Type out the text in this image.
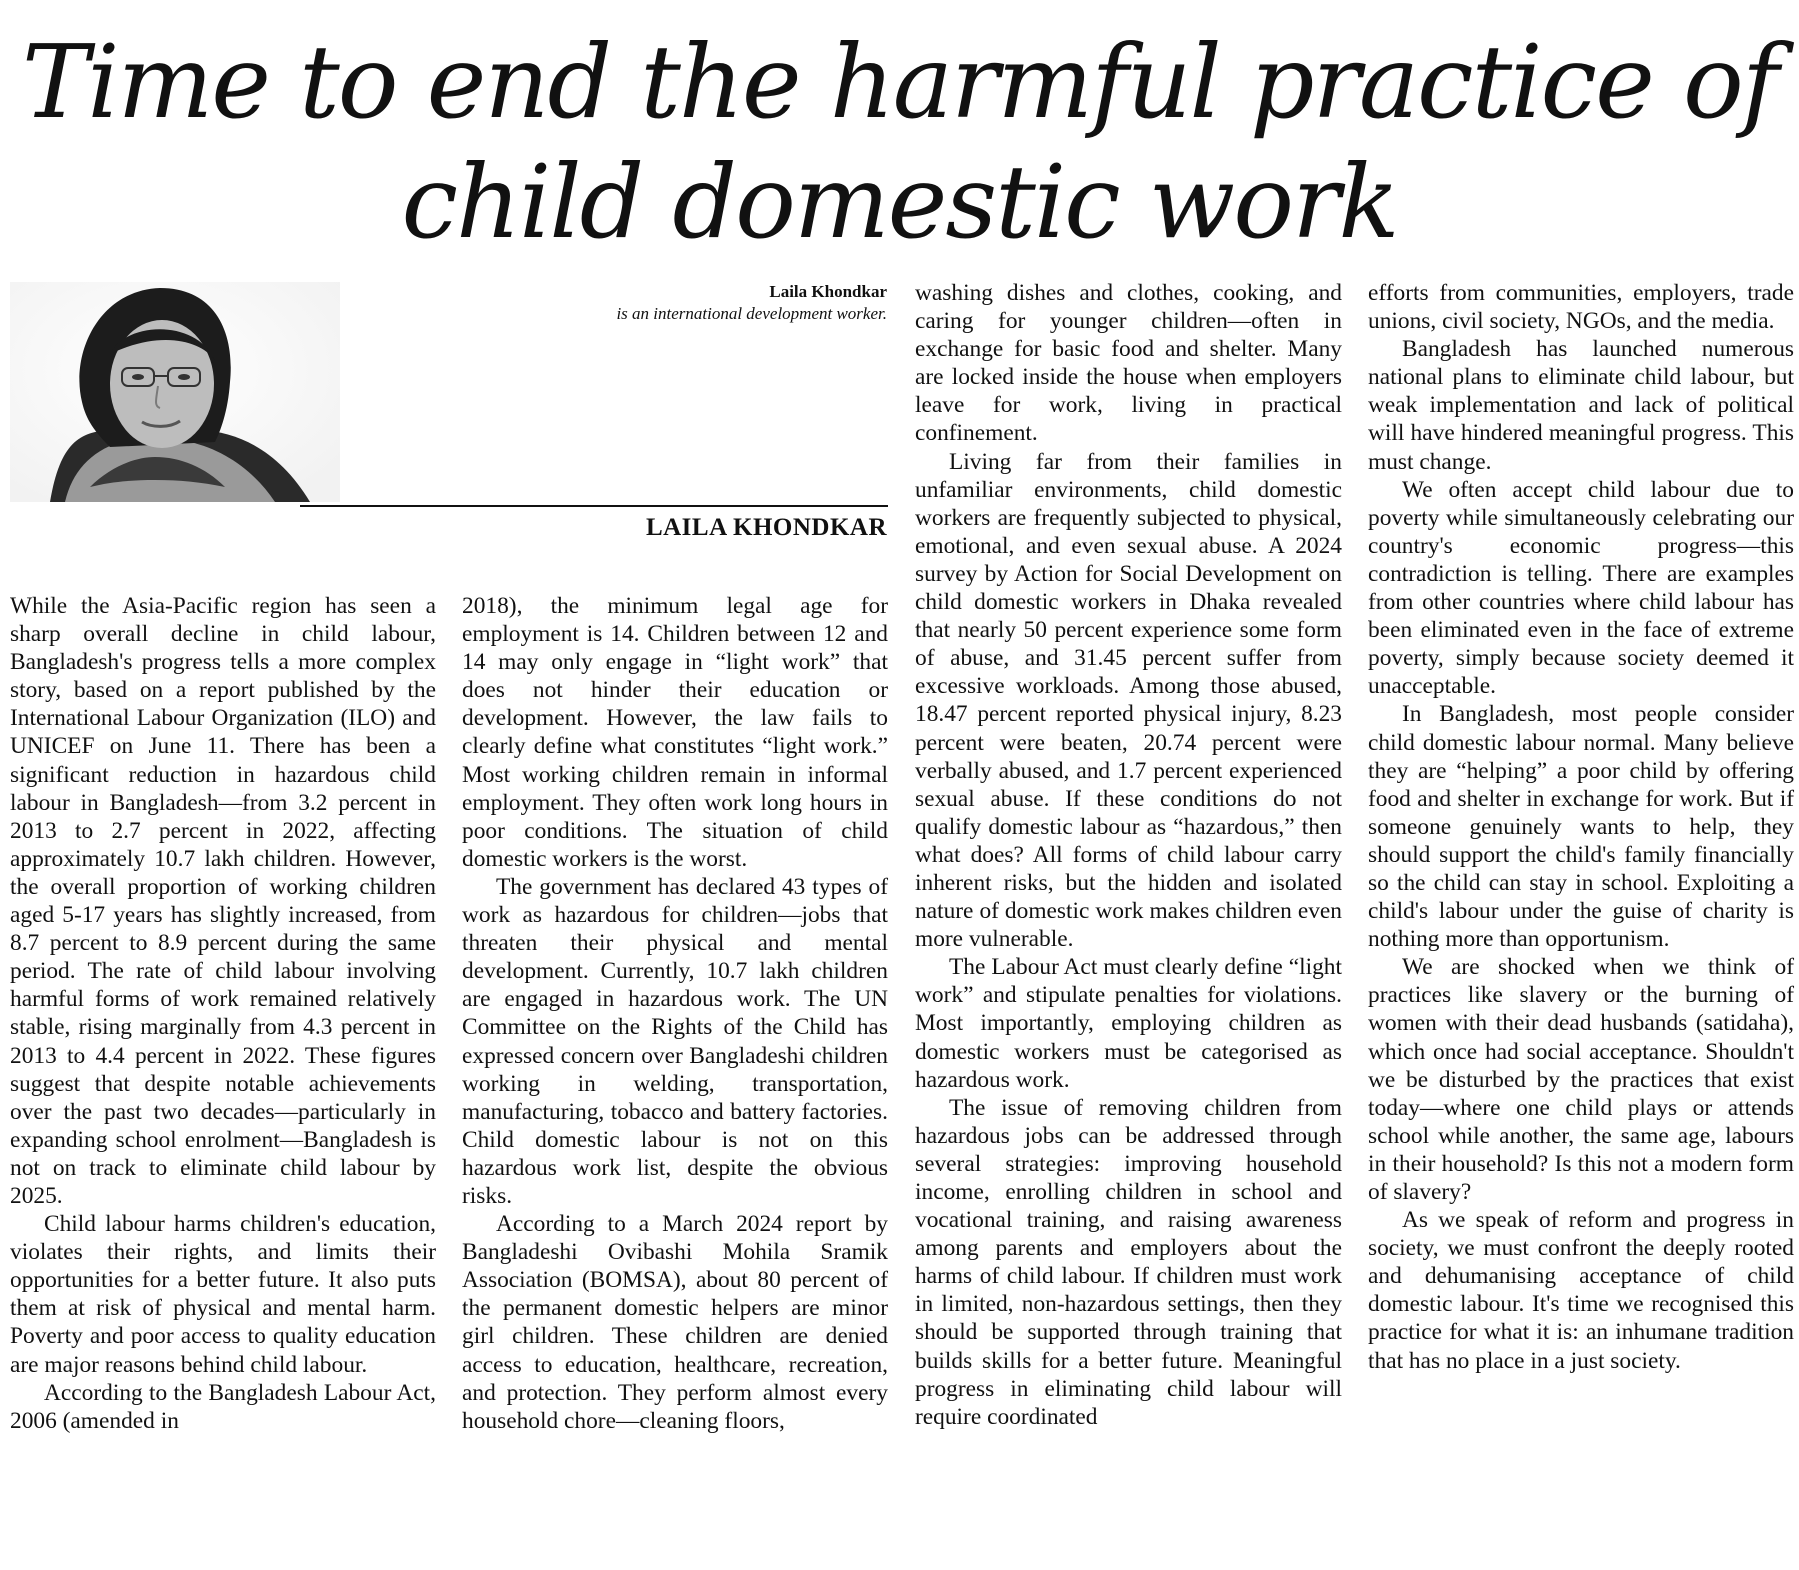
Time to end the harmful practice of
child domestic work
Laila Khondkar
is an international development worker.
LAILA KHONDKAR

While the Asia-Pacific region has seen a sharp overall decline in child labour, Bangladesh's progress tells a more complex story, based on a report published by the International Labour Organization (ILO) and UNICEF on June 11. There has been a significant reduction in hazardous child labour in Bangladesh—from 3.2 percent in 2013 to 2.7 percent in 2022, affecting approximately 10.7 lakh children. However, the overall proportion of working children aged 5-17 years has slightly increased, from 8.7 percent to 8.9 percent during the same period. The rate of child labour involving harmful forms of work remained relatively stable, rising marginally from 4.3 percent in 2013 to 4.4 percent in 2022. These figures suggest that despite notable achievements over the past two decades—particularly in expanding school enrolment—Bangladesh is not on track to eliminate child labour by 2025.

Child labour harms children's education, violates their rights, and limits their opportunities for a better future. It also puts them at risk of physical and mental harm. Poverty and poor access to quality education are major reasons behind child labour.

According to the Bangladesh Labour Act, 2006 (amended in

2018), the minimum legal age for employment is 14. Children between 12 and 14 may only engage in “light work” that does not hinder their education or development. However, the law fails to clearly define what constitutes “light work.” Most working children remain in informal employment. They often work long hours in poor conditions. The situation of child domestic workers is the worst.

The government has declared 43 types of work as hazardous for children—jobs that threaten their physical and mental development. Currently, 10.7 lakh children are engaged in hazardous work. The UN Committee on the Rights of the Child has expressed concern over Bangladeshi children working in welding, transportation, manufacturing, tobacco and battery factories. Child domestic labour is not on this hazardous work list, despite the obvious risks.

According to a March 2024 report by Bangladeshi Ovibashi Mohila Sramik Association (BOMSA), about 80 percent of the permanent domestic helpers are minor girl children. These children are denied access to education, healthcare, recreation, and protection. They perform almost every household chore—cleaning floors,

washing dishes and clothes, cooking, and caring for younger children—often in exchange for basic food and shelter. Many are locked inside the house when employers leave for work, living in practical confinement.

Living far from their families in unfamiliar environments, child domestic workers are frequently subjected to physical, emotional, and even sexual abuse. A 2024 survey by Action for Social Development on child domestic workers in Dhaka revealed that nearly 50 percent experience some form of abuse, and 31.45 percent suffer from excessive workloads. Among those abused, 18.47 percent reported physical injury, 8.23 percent were beaten, 20.74 percent were verbally abused, and 1.7 percent experienced sexual abuse. If these conditions do not qualify domestic labour as “hazardous,” then what does? All forms of child labour carry inherent risks, but the hidden and isolated nature of domestic work makes children even more vulnerable.

The Labour Act must clearly define “light work” and stipulate penalties for violations. Most importantly, employing children as domestic workers must be categorised as hazardous work.

The issue of removing children from hazardous jobs can be addressed through several strategies: improving household income, enrolling children in school and vocational training, and raising awareness among parents and employers about the harms of child labour. If children must work in limited, non-hazardous settings, then they should be supported through training that builds skills for a better future. Meaningful progress in eliminating child labour will require coordinated

efforts from communities, employers, trade unions, civil society, NGOs, and the media.

Bangladesh has launched numerous national plans to eliminate child labour, but weak implementation and lack of political will have hindered meaningful progress. This must change.

We often accept child labour due to poverty while simultaneously celebrating our country's economic progress—this contradiction is telling. There are examples from other countries where child labour has been eliminated even in the face of extreme poverty, simply because society deemed it unacceptable.

In Bangladesh, most people consider child domestic labour normal. Many believe they are “helping” a poor child by offering food and shelter in exchange for work. But if someone genuinely wants to help, they should support the child's family financially so the child can stay in school. Exploiting a child's labour under the guise of charity is nothing more than opportunism.

We are shocked when we think of practices like slavery or the burning of women with their dead husbands (satidaha), which once had social acceptance. Shouldn't we be disturbed by the practices that exist today—where one child plays or attends school while another, the same age, labours in their household? Is this not a modern form of slavery?

As we speak of reform and progress in society, we must confront the deeply rooted and dehumanising acceptance of child domestic labour. It's time we recognised this practice for what it is: an inhumane tradition that has no place in a just society.
